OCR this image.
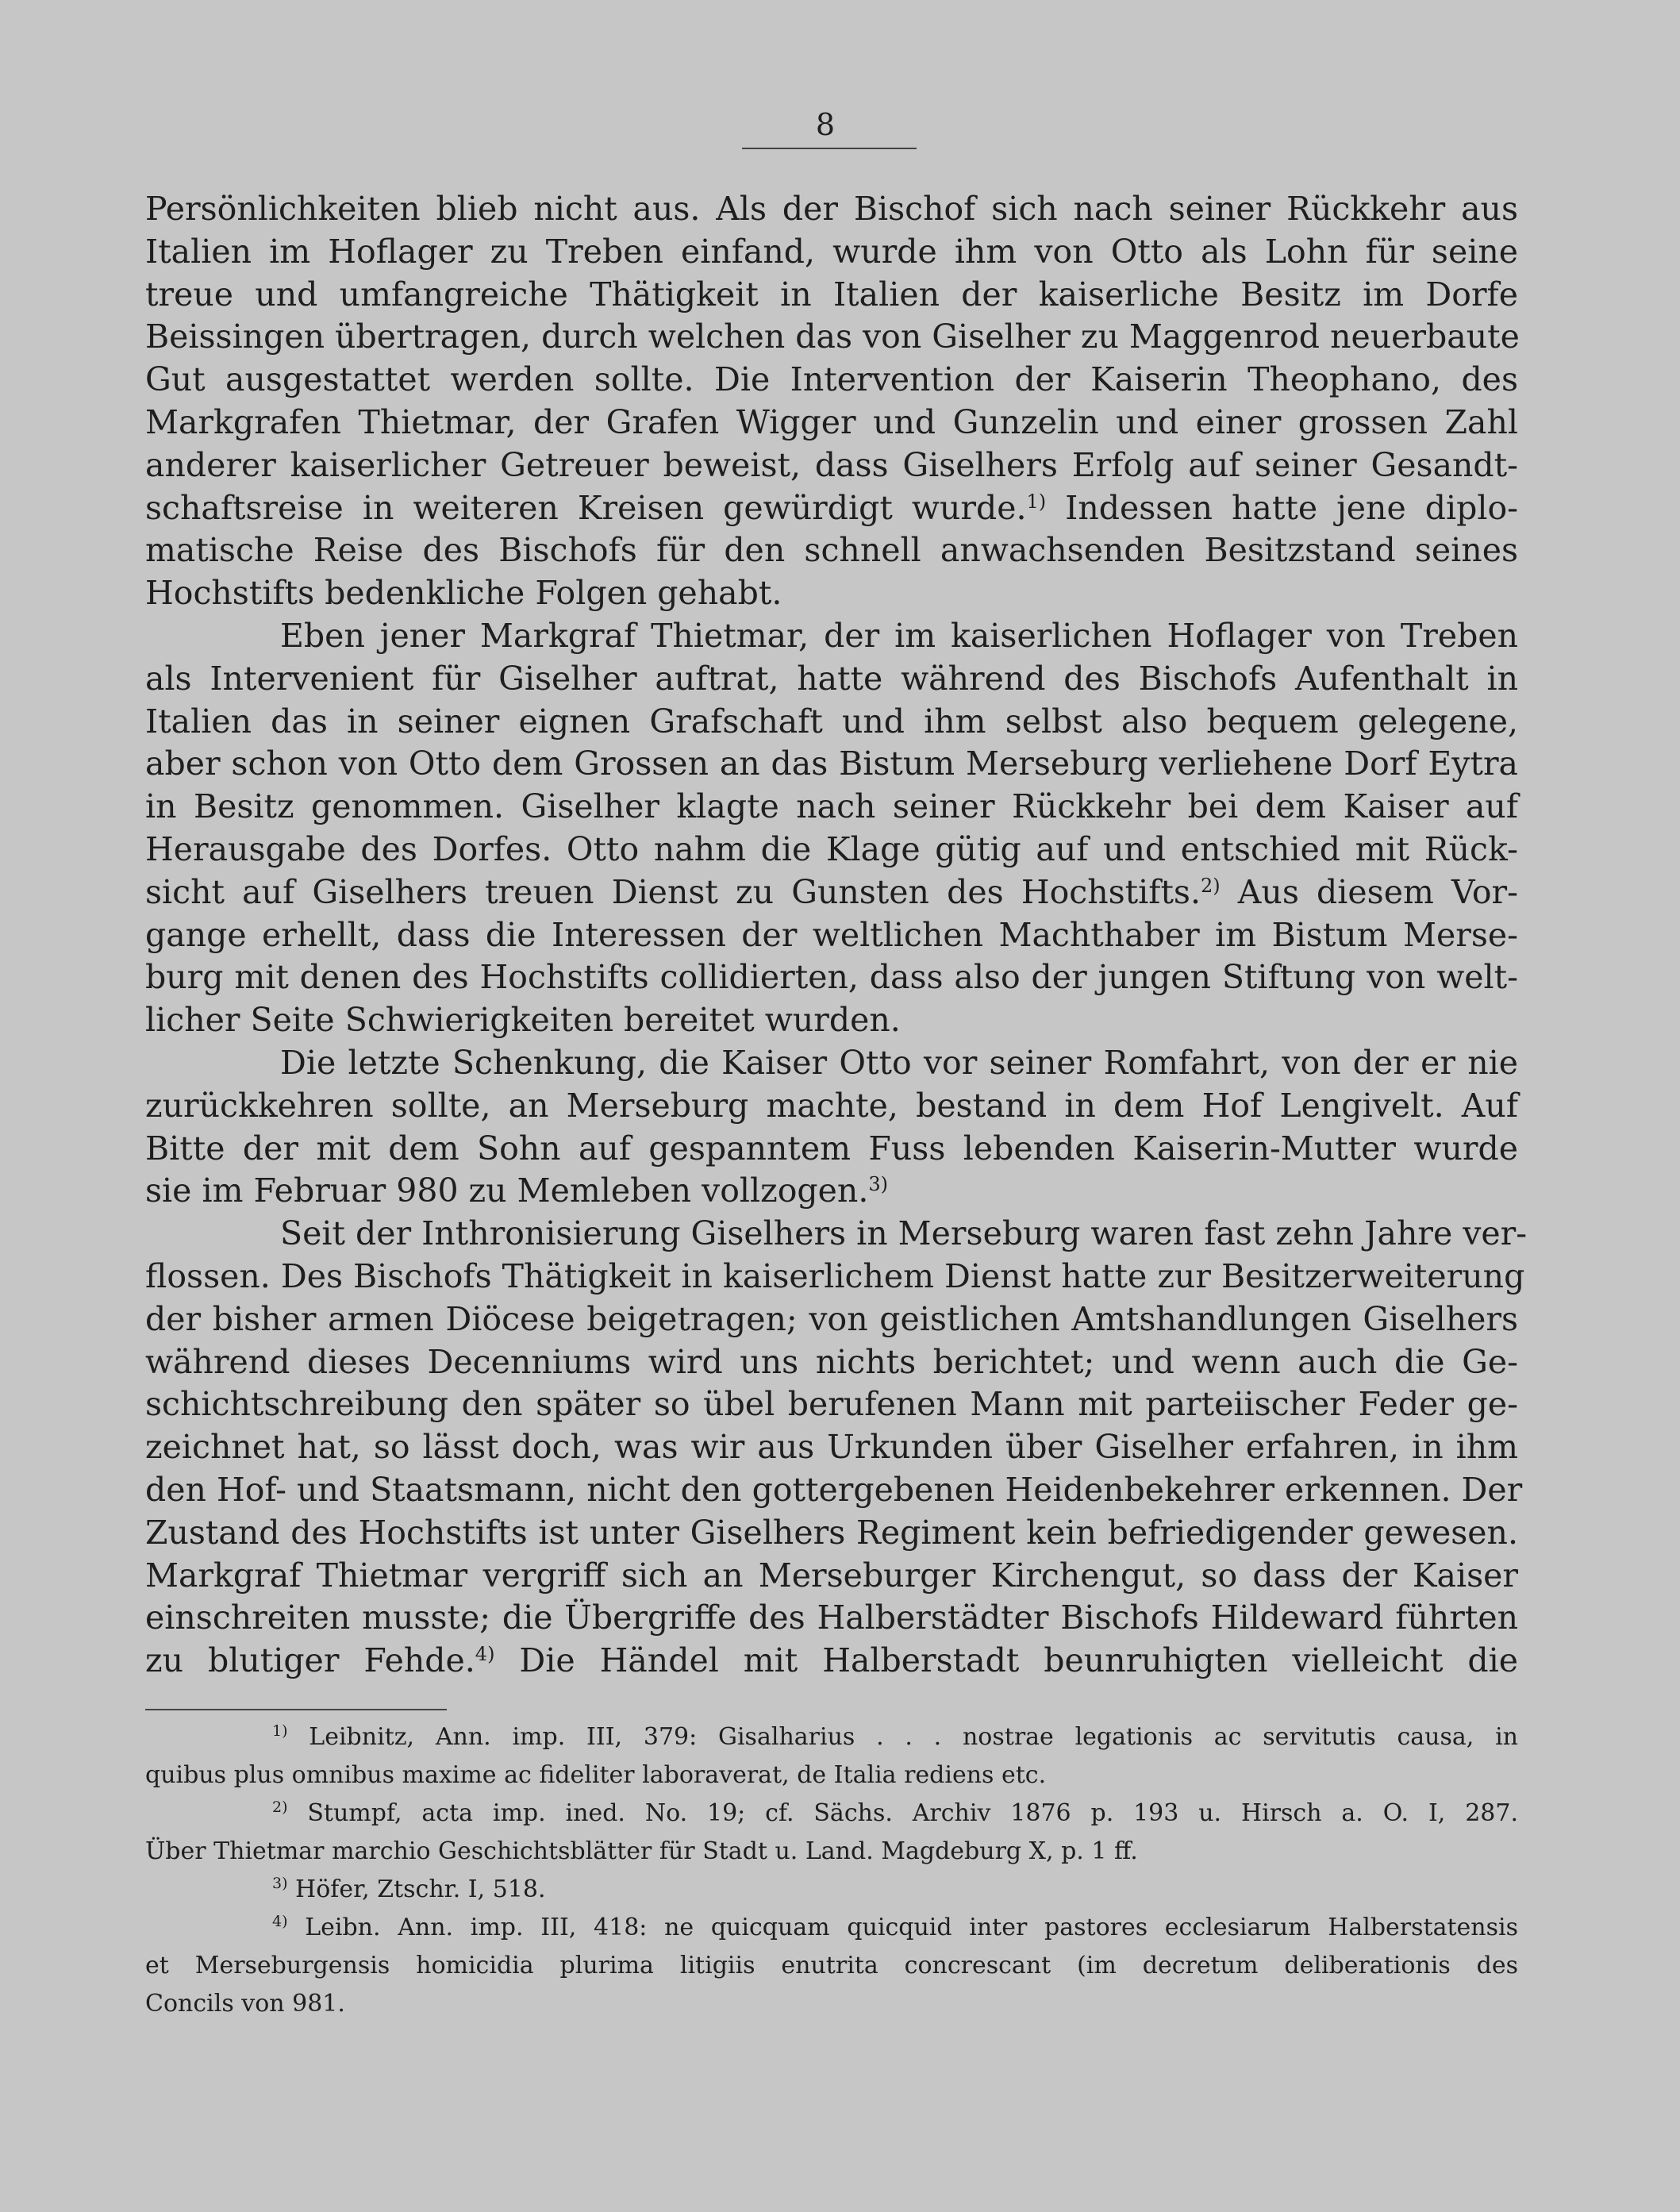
8
Persönlichkeiten blieb nicht aus. Als der Bischof sich nach seiner Rückkehr aus
Italien im Hoflager zu Treben einfand, wurde ihm von Otto als Lohn für seine
treue und umfangreiche Thätigkeit in Italien der kaiserliche Besitz im Dorfe
Beissingen übertragen, durch welchen das von Giselher zu Maggenrod neuerbaute
Gut ausgestattet werden sollte. Die Intervention der Kaiserin Theophano, des
Markgrafen Thietmar, der Grafen Wigger und Gunzelin und einer grossen Zahl
anderer kaiserlicher Getreuer beweist, dass Giselhers Erfolg auf seiner Gesandt-
schaftsreise in weiteren Kreisen gewürdigt wurde.$^{1)}$ Indessen hatte jene diplo-
matische Reise des Bischofs für den schnell anwachsenden Besitzstand seines
Hochstifts bedenkliche Folgen gehabt.
Eben jener Markgraf Thietmar, der im kaiserlichen Hoflager von Treben
als Intervenient für Giselher auftrat, hatte während des Bischofs Aufenthalt in
Italien das in seiner eignen Grafschaft und ihm selbst also bequem gelegene,
aber schon von Otto dem Grossen an das Bistum Merseburg verliehene Dorf Eytra
in Besitz genommen. Giselher klagte nach seiner Rückkehr bei dem Kaiser auf
Herausgabe des Dorfes. Otto nahm die Klage gütig auf und entschied mit Rück-
sicht auf Giselhers treuen Dienst zu Gunsten des Hochstifts.$^{2)}$ Aus diesem Vor-
gange erhellt, dass die Interessen der weltlichen Machthaber im Bistum Merse-
burg mit denen des Hochstifts collidierten, dass also der jungen Stiftung von welt-
licher Seite Schwierigkeiten bereitet wurden.
Die letzte Schenkung, die Kaiser Otto vor seiner Romfahrt, von der er nie
zurückkehren sollte, an Merseburg machte, bestand in dem Hof Lengivelt. Auf
Bitte der mit dem Sohn auf gespanntem Fuss lebenden Kaiserin-Mutter wurde
sie im Februar 980 zu Memleben vollzogen.$^{3)}$
Seit der Inthronisierung Giselhers in Merseburg waren fast zehn Jahre ver-
flossen. Des Bischofs Thätigkeit in kaiserlichem Dienst hatte zur Besitzerweiterung
der bisher armen Diöcese beigetragen; von geistlichen Amtshandlungen Giselhers
während dieses Decenniums wird uns nichts berichtet; und wenn auch die Ge-
schichtschreibung den später so übel berufenen Mann mit parteiischer Feder ge-
zeichnet hat, so lässt doch, was wir aus Urkunden über Giselher erfahren, in ihm
den Hof- und Staatsmann, nicht den gottergebenen Heidenbekehrer erkennen. Der
Zustand des Hochstifts ist unter Giselhers Regiment kein befriedigender gewesen.
Markgraf Thietmar vergriff sich an Merseburger Kirchengut, so dass der Kaiser
einschreiten musste; die Übergriffe des Halberstädter Bischofs Hildeward führten
zu blutiger Fehde.$^{4)}$ Die Händel mit Halberstadt beunruhigten vielleicht die
$^{1)}$ Leibnitz, Ann. imp. III, 379: Gisalharius . . . nostrae legationis ac servitutis causa, in
quibus plus omnibus maxime ac fideliter laboraverat, de Italia rediens etc.
$^{2)}$ Stumpf, acta imp. ined. No. 19; cf. Sächs. Archiv 1876 p. 193 u. Hirsch a. O. I, 287.
Über Thietmar marchio Geschichtsblätter für Stadt u. Land. Magdeburg X, p. 1 ff.
$^{3)}$ Höfer, Ztschr. I, 518.
$^{4)}$ Leibn. Ann. imp. III, 418: ne quicquam quicquid inter pastores ecclesiarum Halberstatensis
et Merseburgensis homicidia plurima litigiis enutrita concrescant (im decretum deliberationis des
Concils von 981.
